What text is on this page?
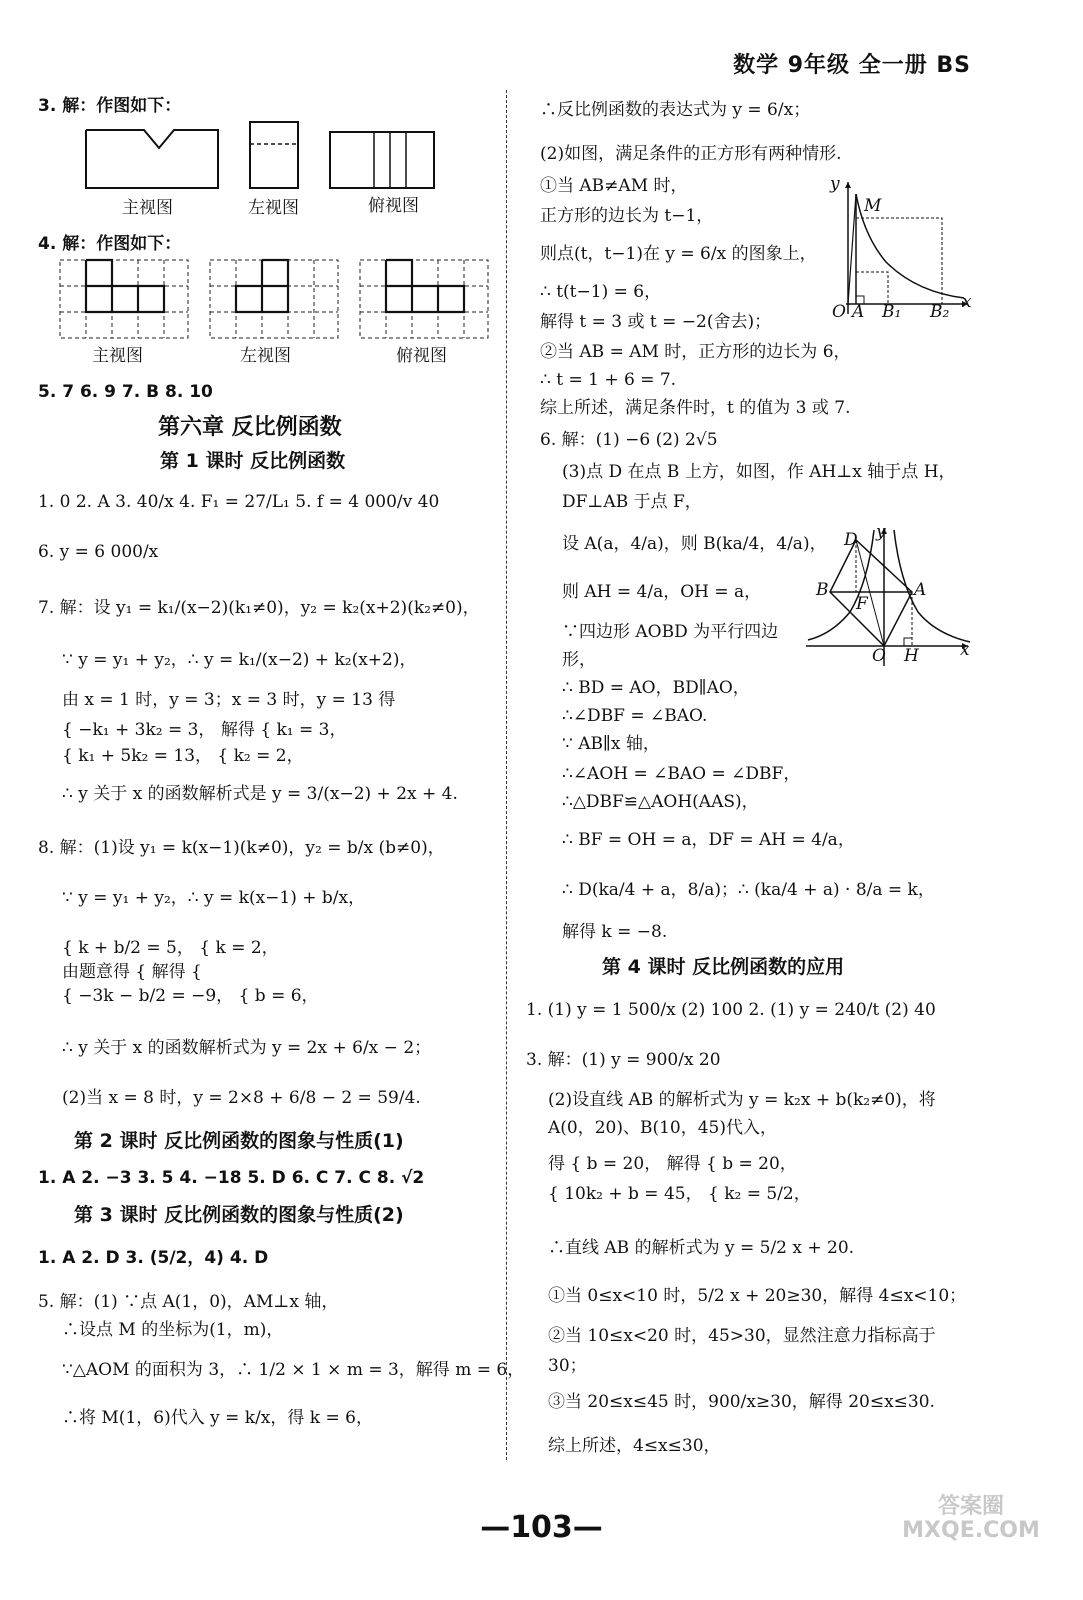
数学 9年级 全一册 BS
3. 解：作图如下：
主视图	左视图	俯视图
4. 解：作图如下：
主视图	左视图	俯视图
5. 7 6. 9 7. B 8. 10
第六章 反比例函数
第 1 课时 反比例函数
1. 0 2. A 3. 40/x 4. F₁ = 27/L₁ 5. f = 4 000/v 40
6. y = 6 000/x
7. 解：设 y₁ = k₁/(x−2)(k₁≠0)，y₂ = k₂(x+2)(k₂≠0)，
∵ y = y₁ + y₂，∴ y = k₁/(x−2) + k₂(x+2)，
由 x = 1 时，y = 3；x = 3 时，y = 13 得
{ −k₁ + 3k₂ = 3， 解得 { k₁ = 3，
{ k₁ + 5k₂ = 13， { k₂ = 2，
∴ y 关于 x 的函数解析式是 y = 3/(x−2) + 2x + 4.
8. 解：(1)设 y₁ = k(x−1)(k≠0)，y₂ = b/x (b≠0)，
∵ y = y₁ + y₂，∴ y = k(x−1) + b/x，
{ k + b/2 = 5， { k = 2，
由题意得 { 解得 {
{ −3k − b/2 = −9， { b = 6，
∴ y 关于 x 的函数解析式为 y = 2x + 6/x − 2；
(2)当 x = 8 时，y = 2×8 + 6/8 − 2 = 59/4.
第 2 课时 反比例函数的图象与性质(1)
1. A 2. −3 3. 5 4. −18 5. D 6. C 7. C 8. √2
第 3 课时 反比例函数的图象与性质(2)
1. A 2. D 3. (5/2，4) 4. D
5. 解：(1) ∵点 A(1，0)，AM⊥x 轴，
∴设点 M 的坐标为(1，m)，
∵△AOM 的面积为 3，∴ 1/2 × 1 × m = 3，解得 m = 6，
∴将 M(1，6)代入 y = k/x，得 k = 6，
∴反比例函数的表达式为 y = 6/x；
(2)如图，满足条件的正方形有两种情形.
①当 AB≠AM 时，
正方形的边长为 t−1，
则点(t，t−1)在 y = 6/x 的图象上，
∴ t(t−1) = 6，
解得 t = 3 或 t = −2(舍去)；
②当 AB = AM 时，正方形的边长为 6，
∴ t = 1 + 6 = 7.
综上所述，满足条件时，t 的值为 3 或 7.
y
x
O A
M
B₁ B₂
6. 解：(1) −6 (2) 2√5
(3)点 D 在点 B 上方，如图，作 AH⊥x 轴于点 H，
DF⊥AB 于点 F，
设 A(a，4/a)，则 B(ka/4，4/a)，
则 AH = 4/a，OH = a，
∵四边形 AOBD 为平行四边
形，
∴ BD = AO，BD∥AO，
∴∠DBF = ∠BAO.
∵ AB∥x 轴，
∴∠AOH = ∠BAO = ∠DBF，
∴△DBF≌△AOH(AAS)，
∴ BF = OH = a，DF = AH = 4/a，
∴ D(ka/4 + a，8/a)；∴ (ka/4 + a) · 8/a = k，
解得 k = −8.
D y
B	A
F
O H x
第 4 课时 反比例函数的应用
1. (1) y = 1 500/x (2) 100 2. (1) y = 240/t (2) 40
3. 解：(1) y = 900/x 20
(2)设直线 AB 的解析式为 y = k₂x + b(k₂≠0)，将
A(0，20)、B(10，45)代入，
得 { b = 20， 解得 { b = 20，
{ 10k₂ + b = 45， { k₂ = 5/2，
∴直线 AB 的解析式为 y = 5/2 x + 20.
①当 0≤x<10 时，5/2 x + 20≥30，解得 4≤x<10；
②当 10≤x<20 时，45>30，显然注意力指标高于
30；
③当 20≤x≤45 时，900/x≥30，解得 20≤x≤30.
综上所述，4≤x≤30，
—103—
答案圈 MXQE.COM
